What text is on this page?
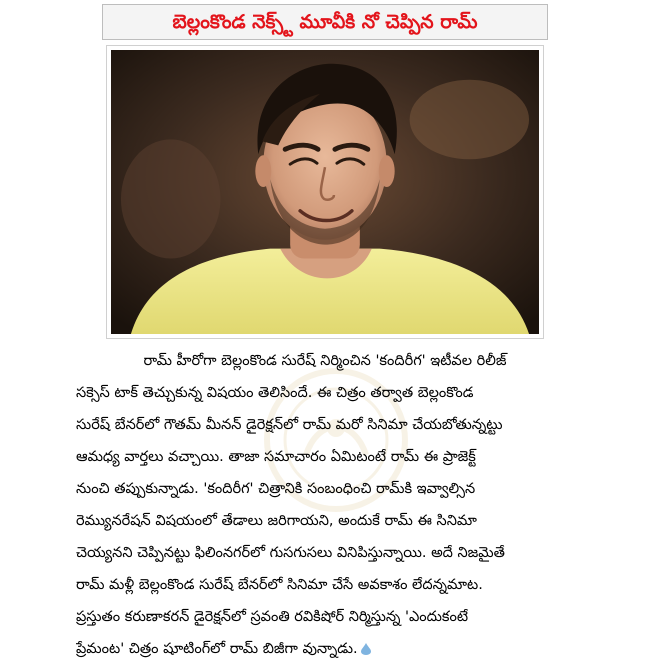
బెల్లంకొండ నెక్స్ట్ మూవీకి నో చెప్పిన రామ్
రామ్ హీరోగా బెల్లంకొండ సురేష్ నిర్మించిన 'కందిరీగ' ఇటీవల రిలీజ్
సక్సెస్ టాక్ తెచ్చుకున్న విషయం తెలిసిందే. ఈ చిత్రం తర్వాత బెల్లంకొండ
సురేష్ బేనర్‌లో గౌతమ్ మీనన్ డైరెక్షన్‌లో రామ్ మరో సినిమా చేయబోతున్నట్టు
ఆమధ్య వార్తలు వచ్చాయి. తాజా సమాచారం ఏమిటంటే రామ్ ఈ ప్రాజెక్ట్
నుంచి తప్పుకున్నాడు. 'కందిరీగ' చిత్రానికి సంబంధించి రామ్‌కి ఇవ్వాల్సిన
రెమ్యునరేషన్ విషయంలో తేడాలు జరిగాయని, అందుకే రామ్ ఈ సినిమా
చెయ్యనని చెప్పినట్టు ఫిలింనగర్‌లో గుసగుసలు వినిపిస్తున్నాయి. అదే నిజమైతే
రామ్ మళ్లీ బెల్లంకొండ సురేష్ బేనర్‌లో సినిమా చేసే అవకాశం లేదన్నమాట.
ప్రస్తుతం కరుణాకరన్ డైరెక్షన్‌లో స్రవంతి రవికిషోర్ నిర్మిస్తున్న 'ఎందుకంటే
ప్రేమంట' చిత్రం షూటింగ్‌లో రామ్ బిజీగా వున్నాడు.
